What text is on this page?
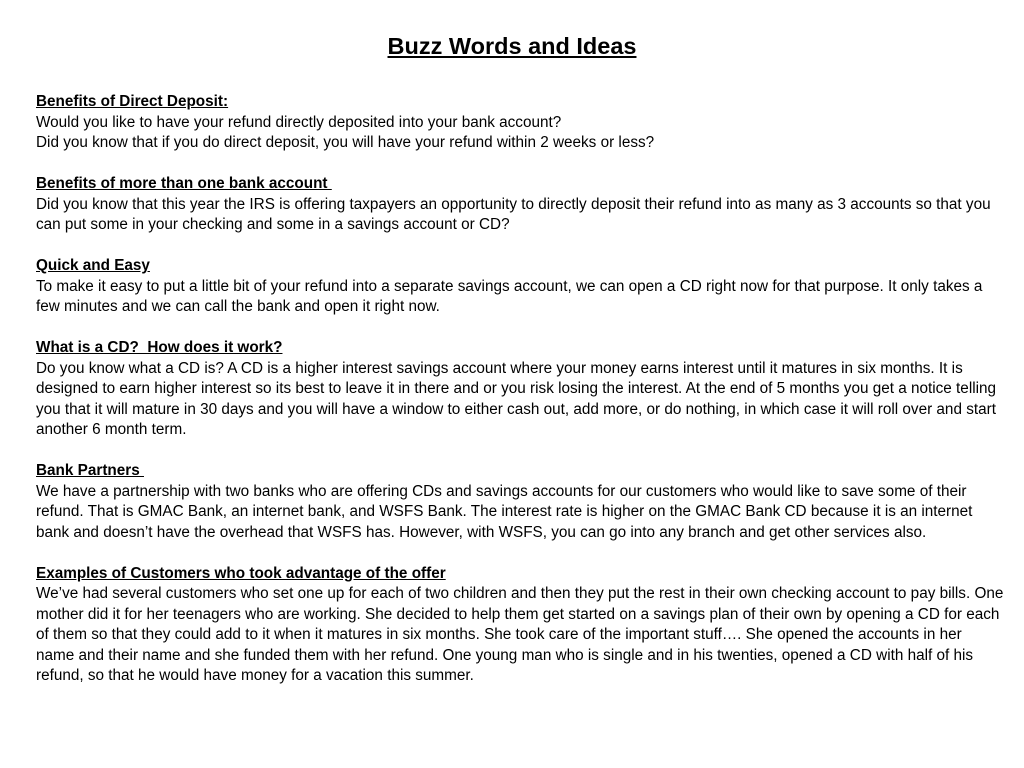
Buzz Words and Ideas

Benefits of Direct Deposit:

Would you like to have your refund directly deposited into your bank account?

Did you know that if you do direct deposit, you will have your refund within 2 weeks or less?

Benefits of more than one bank account

Did you know that this year the IRS is offering taxpayers an opportunity to directly deposit their refund into as many as 3 accounts so that you can put some in your checking and some in a savings account or CD?

Quick and Easy

To make it easy to put a little bit of your refund into a separate savings account, we can open a CD right now for that purpose. It only takes a few minutes and we can call the bank and open it right now.

What is a CD?  How does it work?

Do you know what a CD is? A CD is a higher interest savings account where your money earns interest until it matures in six months. It is designed to earn higher interest so its best to leave it in there and or you risk losing the interest. At the end of 5 months you get a notice telling you that it will mature in 30 days and you will have a window to either cash out, add more, or do nothing, in which case it will roll over and start another 6 month term.

Bank Partners

We have a partnership with two banks who are offering CDs and savings accounts for our customers who would like to save some of their refund. That is GMAC Bank, an internet bank, and WSFS Bank. The interest rate is higher on the GMAC Bank CD because it is an internet bank and doesn’t have the overhead that WSFS has. However, with WSFS, you can go into any branch and get other services also.

Examples of Customers who took advantage of the offer

We’ve had several customers who set one up for each of two children and then they put the rest in their own checking account to pay bills. One mother did it for her teenagers who are working. She decided to help them get started on a savings plan of their own by opening a CD for each of them so that they could add to it when it matures in six months. She took care of the important stuff…. She opened the accounts in her name and their name and she funded them with her refund. One young man who is single and in his twenties, opened a CD with half of his refund, so that he would have money for a vacation this summer.
